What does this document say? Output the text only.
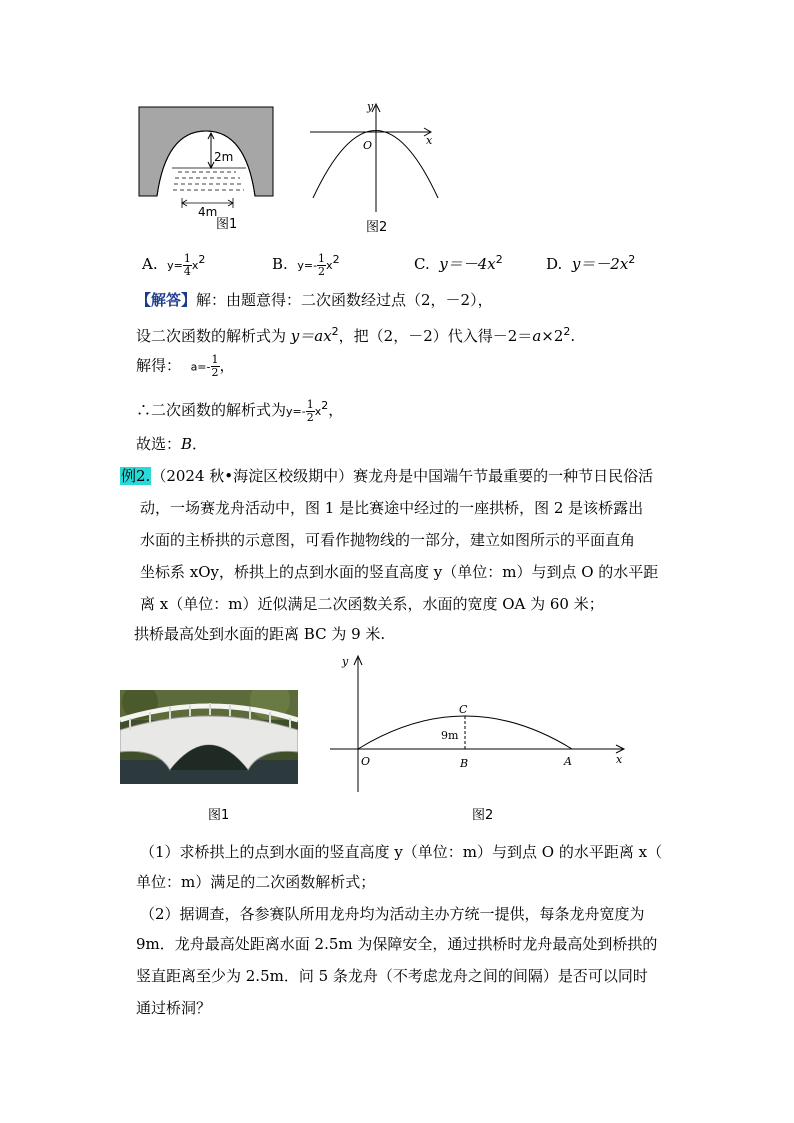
2m
4m
图1
y
x
O
图2
A. $y= \frac{1}{4} x^2$	B. $y=- \frac{1}{2} x^2$	C. $y=-4x^2$	D. $y=-2x^2$
【解答】解：由题意得：二次函数经过点（2，－2），
设二次函数的解析式为 $y=ax^2$，把（2，－2）代入得$-2=a\times 2^2$.
解得： $a=- \frac{1}{2}$ ，
∴二次函数的解析式为$y=- \frac{1}{2} x^2$，
故选：B．
例2.（2024 秋•海淀区校级期中）赛龙舟是中国端午节最重要的一种节日民俗活
动，一场赛龙舟活动中，图 1 是比赛途中经过的一座拱桥，图 2 是该桥露出
水面的主桥拱的示意图，可看作抛物线的一部分，建立如图所示的平面直角
坐标系 xOy，桥拱上的点到水面的竖直高度 y（单位：m）与到点 O 的水平距
离 x（单位：m）近似满足二次函数关系，水面的宽度 OA 为 60 米；
拱桥最高处到水面的距离 BC 为 9 米.
y
x
O	B	A
C
9m
图1	图2
（1）求桥拱上的点到水面的竖直高度 y（单位：m）与到点 O 的水平距离 x（
单位：m）满足的二次函数解析式；
（2）据调查，各参赛队所用龙舟均为活动主办方统一提供，每条龙舟宽度为
9m．龙舟最高处距离水面 2.5m 为保障安全，通过拱桥时龙舟最高处到桥拱的
竖直距离至少为 2.5m．问 5 条龙舟（不考虑龙舟之间的间隔）是否可以同时
通过桥洞？
